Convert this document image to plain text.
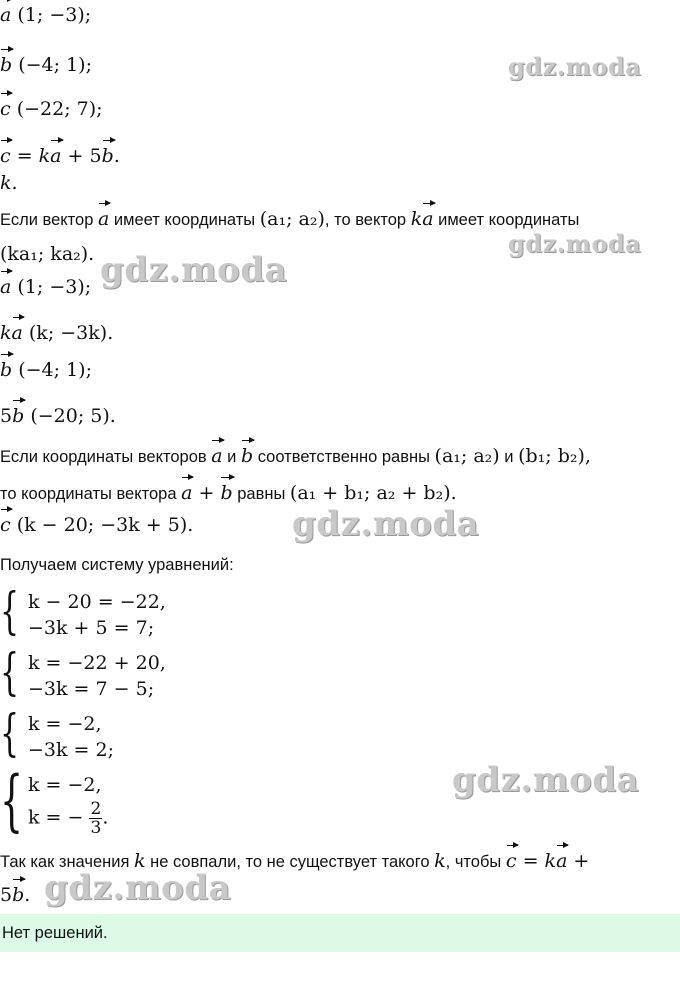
a (1; −3);
b (−4; 1);
c (−22; 7);
c = ka + 5b.
k.
Если вектор a имеет координаты (a₁; a₂), то вектор ka имеет координаты
(ka₁; ka₂).
a (1; −3);
ka (k; −3k).
b (−4; 1);
5b (−20; 5).
Если координаты векторов a и b соответственно равны (a₁; a₂) и (b₁; b₂),
то координаты вектора a + b равны (a₁ + b₁; a₂ + b₂).
c (k − 20; −3k + 5).
Получаем систему уравнений:
{ k − 20 = −22,
−3k + 5 = 7;
{ k = −22 + 20,
−3k = 7 − 5;
{ k = −2,
−3k = 2;
{ k = −2,
k = − $\frac{2}{3}$ .
Так как значения k не совпали, то не существует такого k, чтобы c = ka +
5b.
Нет решений.
gdz.moda
gdz.moda
gdz.moda
gdz.moda
gdz.moda
gdz.moda
